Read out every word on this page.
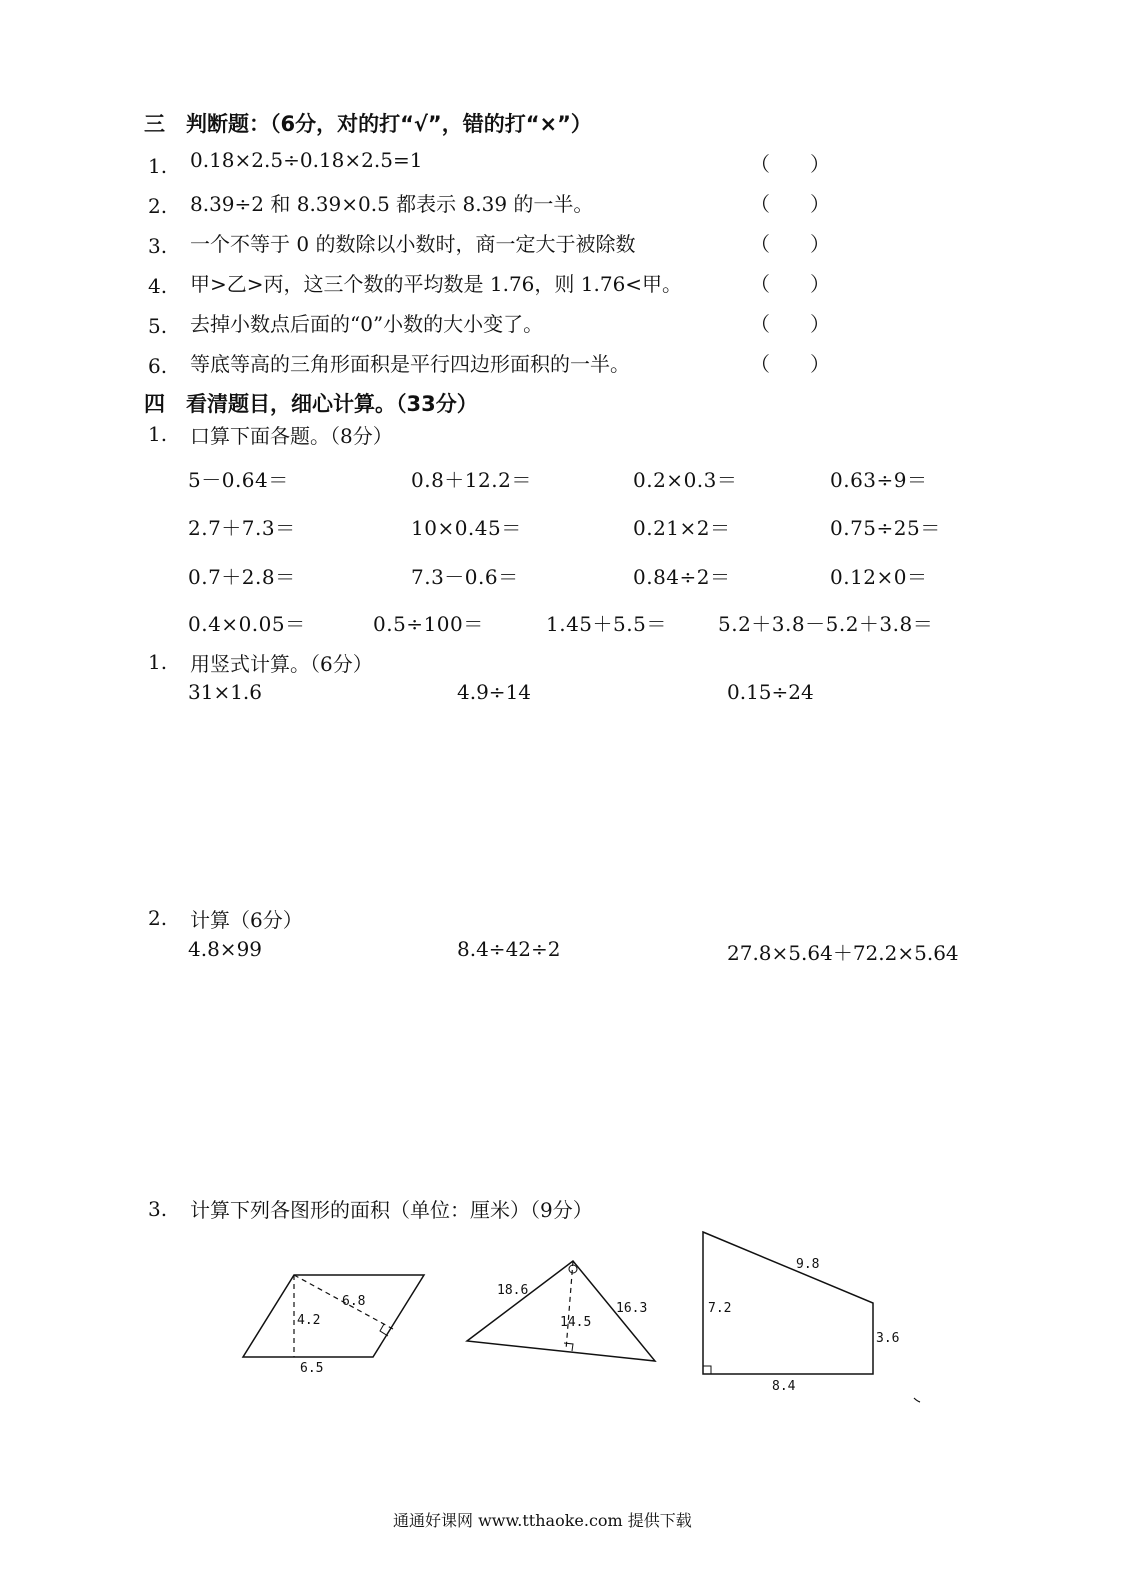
三　判断题：（6分，对的打“√”，错的打“×”）
1. 0.18×2.5÷0.18×2.5=1	（　　）
2. 8.39÷2 和 8.39×0.5 都表示 8.39 的一半。	（　　）
3. 一个不等于 0 的数除以小数时，商一定大于被除数	（　　）
4. 甲>乙>丙，这三个数的平均数是 1.76，则 1.76<甲。	（　　）
5. 去掉小数点后面的“0”小数的大小变了。	（　　）
6. 等底等高的三角形面积是平行四边形面积的一半。	（　　）
四　看清题目，细心计算。（33分）
1. 口算下面各题。（8分）
5－0.64＝	0.8＋12.2＝	0.2×0.3＝	0.63÷9＝
2.7＋7.3＝	10×0.45＝	0.21×2＝	0.75÷25＝
0.7＋2.8＝	7.3－0.6＝	0.84÷2＝	0.12×0＝
0.4×0.05＝	0.5÷100＝	1.45＋5.5＝	5.2＋3.8－5.2＋3.8＝
1. 用竖式计算。（6分）
31×1.6	4.9÷14	0.15÷24
2. 计算（6分）
4.8×99	8.4÷42÷2	27.8×5.64＋72.2×5.64
3. 计算下列各图形的面积（单位：厘米）（9分）
4.2
6.8
6.5
18.6
16.3
14.5
7.2
9.8
3.6
8.4
通通好课网 www.tthaoke.com 提供下载
